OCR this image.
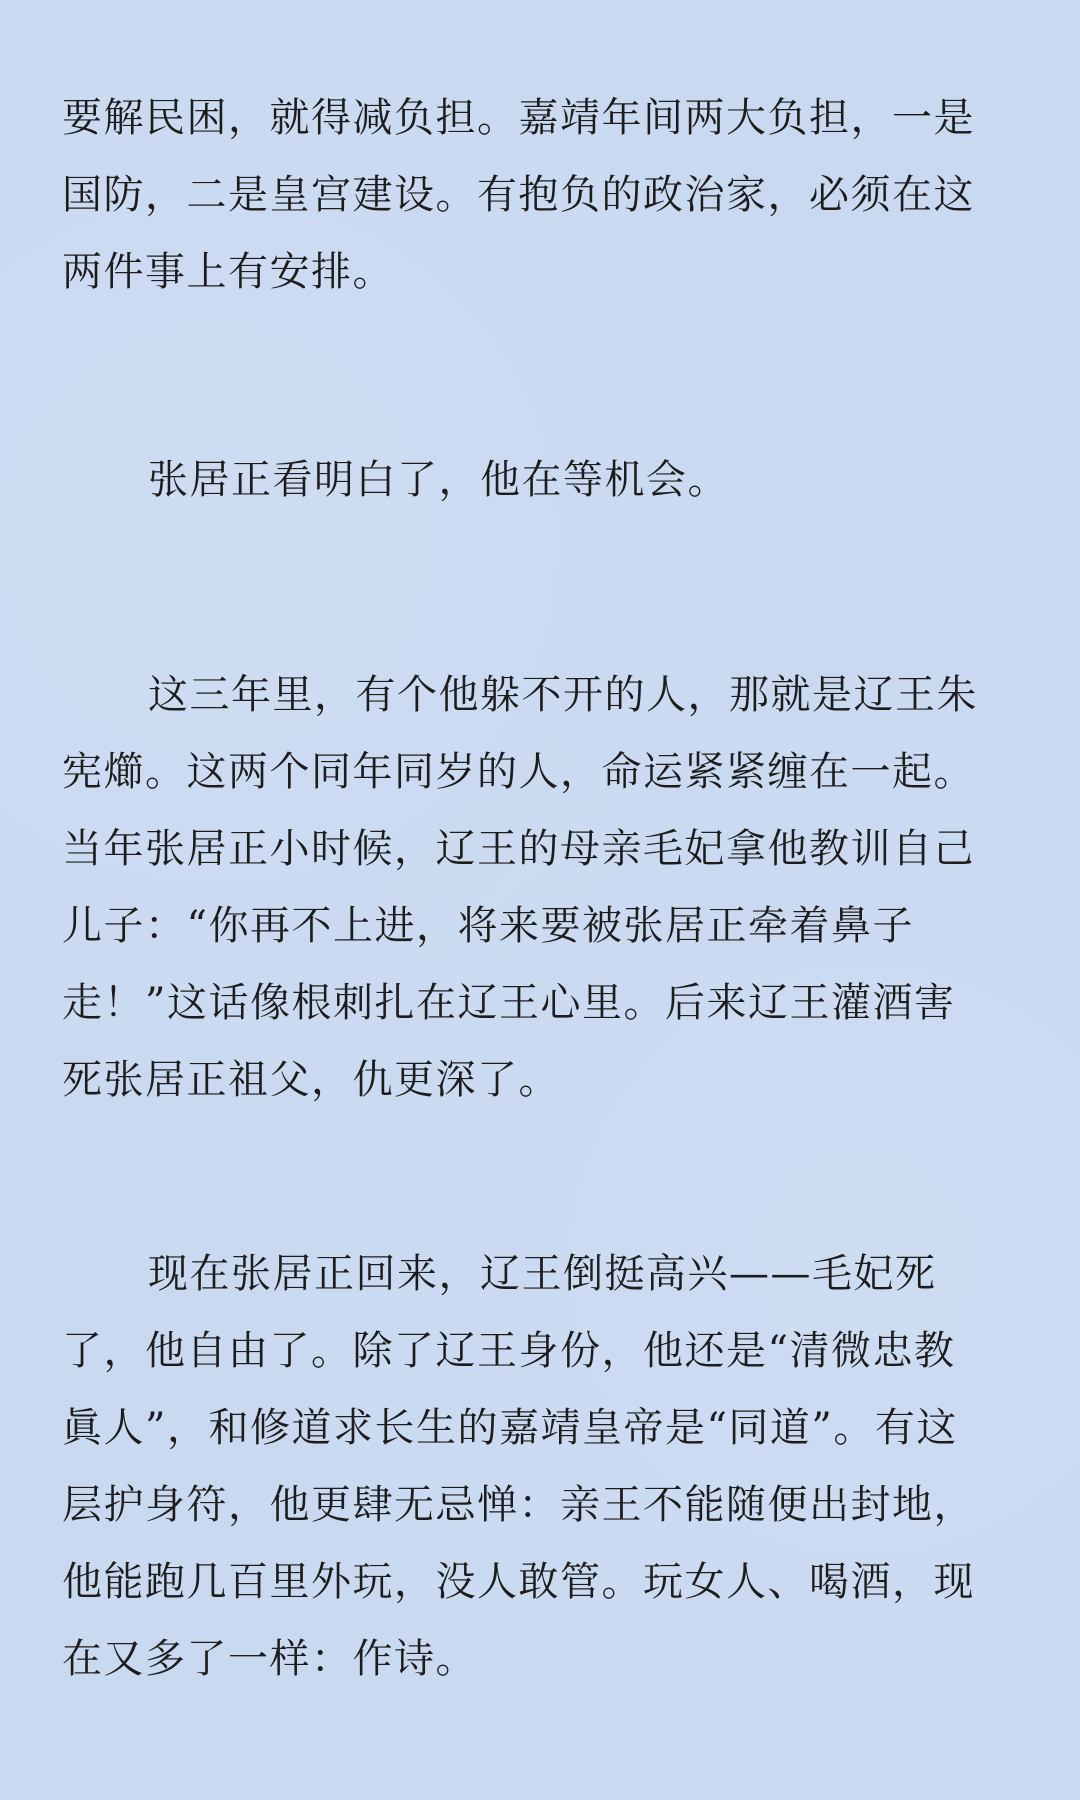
要解民困，就得减负担。嘉靖年间两大负担，一是
国防，二是皇宫建设。有抱负的政治家，必须在这
两件事上有安排。

张居正看明白了，他在等机会。

这三年里，有个他躲不开的人，那就是辽王朱
宪㸅。这两个同年同岁的人，命运紧紧缠在一起。
当年张居正小时候，辽王的母亲毛妃拿他教训自己
儿子：“你再不上进，将来要被张居正牵着鼻子
走！”这话像根刺扎在辽王心里。后来辽王灌酒害
死张居正祖父，仇更深了。

现在张居正回来，辽王倒挺高兴——毛妃死
了，他自由了。除了辽王身份，他还是“清微忠教
眞人”，和修道求长生的嘉靖皇帝是“同道”。有这
层护身符，他更肆无忌惮：亲王不能随便出封地，
他能跑几百里外玩，没人敢管。玩女人、喝酒，现
在又多了一样：作诗。
